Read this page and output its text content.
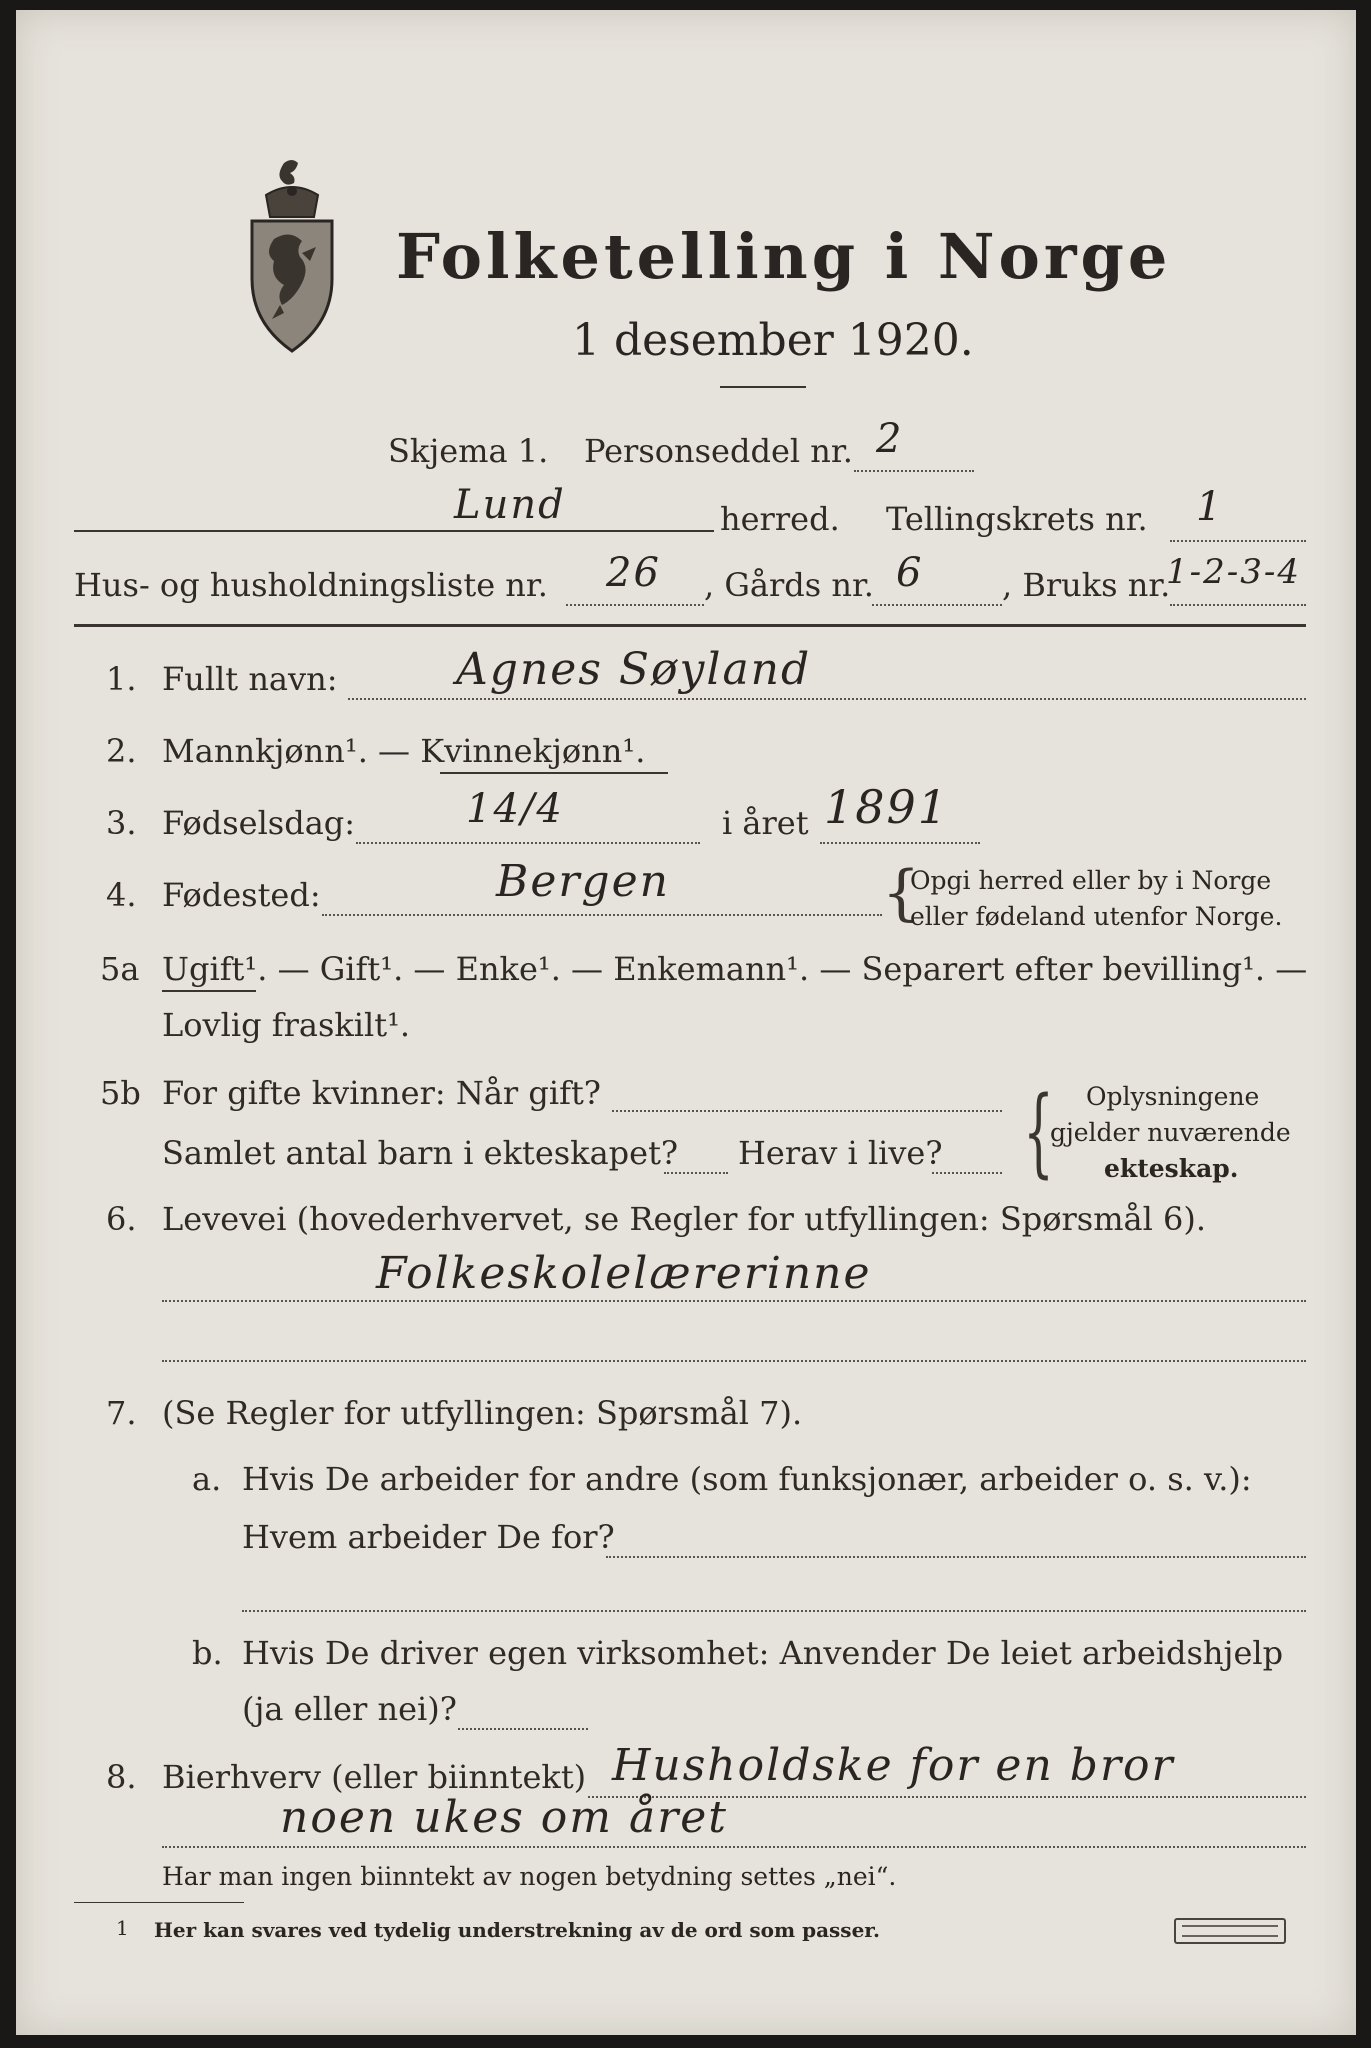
Folketelling i Norge
1 desember 1920.
Skjema 1. Personseddel nr. 2
Lund	herred. Tellingskrets nr. 1
Hus- og husholdningsliste nr. 26 , Gårds nr. 6 , Bruks nr.
1-2-3-4
1. Fullt navn:	Agnes Søyland
2. Mannkjønn¹. — Kvinnekjønn¹.
3. Fødselsdag:	14/4	i året 1891
4. Fødested:	Bergen	{
Opgi herred eller by i Norge
eller fødeland utenfor Norge.
5a Ugift¹. — Gift¹. — Enke¹. — Enkemann¹. — Separert efter bevilling¹. —
Lovlig fraskilt¹.
5b For gifte kvinner: Når gift?
Samlet antal barn i ekteskapet? Herav i live? { Oplysningene
gjelder nuværende
ekteskap.
6. Levevei (hovederhvervet, se Regler for utfyllingen: Spørsmål 6).
Folkeskolelærerinne
7. (Se Regler for utfyllingen: Spørsmål 7).
a. Hvis De arbeider for andre (som funksjonær, arbeider o. s. v.):
Hvem arbeider De for?
b. Hvis De driver egen virksomhet: Anvender De leiet arbeidshjelp
(ja eller nei)?
8. Bierhverv (eller biinntekt) Husholdske for en bror
noen ukes om året
Har man ingen biinntekt av nogen betydning settes „nei“.
1 Her kan svares ved tydelig understrekning av de ord som passer.
